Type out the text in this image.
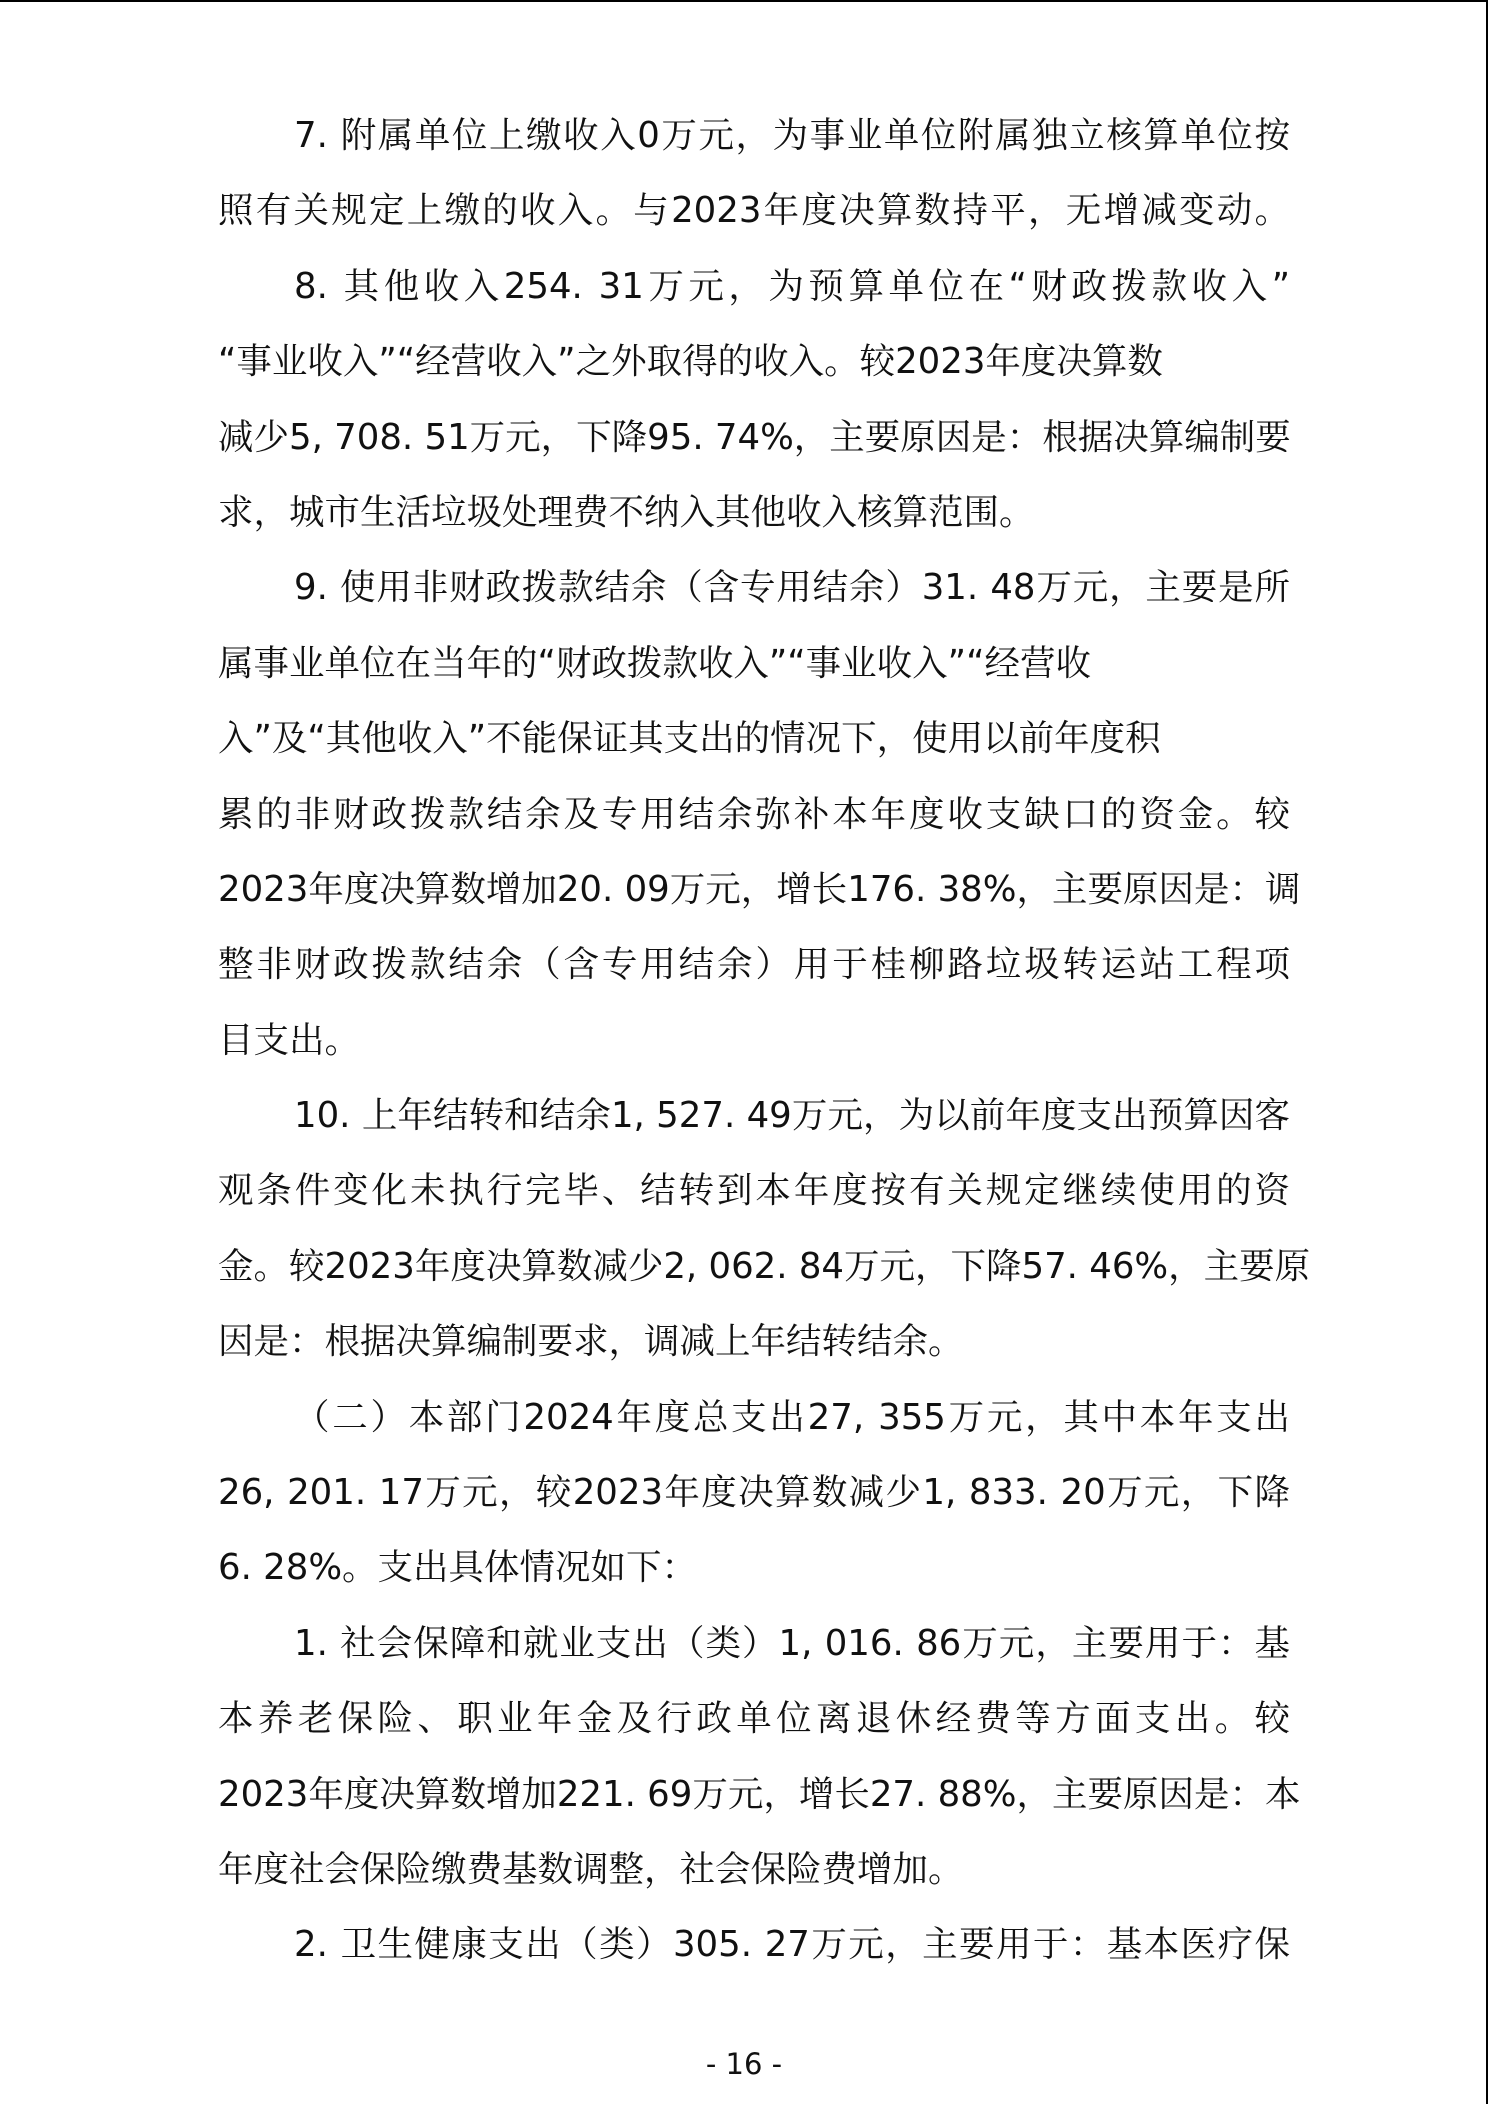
7. 附属单位上缴收入0万元，为事业单位附属独立核算单位按
照有关规定上缴的收入。与2023年度决算数持平，无增减变动。
8. 其他收入254. 31万元，为预算单位在“财政拨款收入”
“事业收入”“经营收入”之外取得的收入。较2023年度决算数
减少5, 708. 51万元，下降95. 74%，主要原因是：根据决算编制要
求，城市生活垃圾处理费不纳入其他收入核算范围。
9. 使用非财政拨款结余（含专用结余）31. 48万元，主要是所
属事业单位在当年的“财政拨款收入”“事业收入”“经营收
入”及“其他收入”不能保证其支出的情况下，使用以前年度积
累的非财政拨款结余及专用结余弥补本年度收支缺口的资金。较
2023年度决算数增加20. 09万元，增长176. 38%，主要原因是：调
整非财政拨款结余（含专用结余）用于桂柳路垃圾转运站工程项
目支出。
10. 上年结转和结余1, 527. 49万元，为以前年度支出预算因客
观条件变化未执行完毕、结转到本年度按有关规定继续使用的资
金。较2023年度决算数减少2, 062. 84万元，下降57. 46%，主要原
因是：根据决算编制要求，调减上年结转结余。
（二）本部门2024年度总支出27, 355万元，其中本年支出
26, 201. 17万元，较2023年度决算数减少1, 833. 20万元，下降
6. 28%。支出具体情况如下：
1. 社会保障和就业支出（类）1, 016. 86万元，主要用于：基
本养老保险、职业年金及行政单位离退休经费等方面支出。较
2023年度决算数增加221. 69万元，增长27. 88%，主要原因是：本
年度社会保险缴费基数调整，社会保险费增加。
2. 卫生健康支出（类）305. 27万元，主要用于：基本医疗保
- 16 -
